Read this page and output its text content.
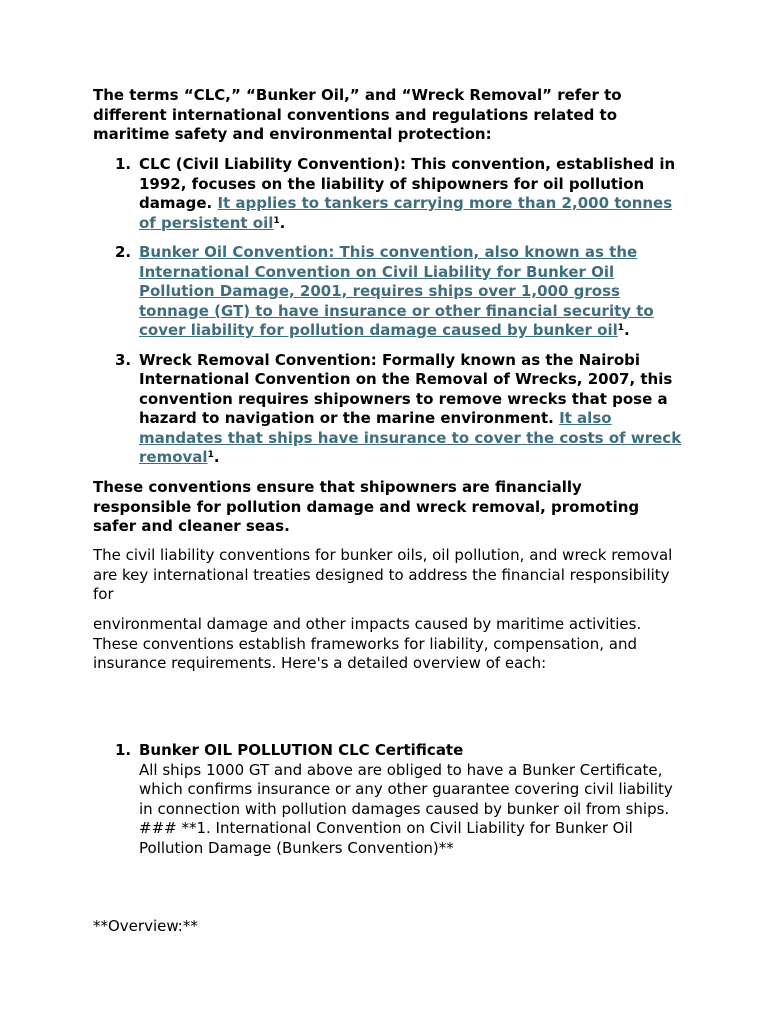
The terms “CLC,” “Bunker Oil,” and “Wreck Removal” refer to different international conventions and regulations related to maritime safety and environmental protection:

1. CLC (Civil Liability Convention): This convention, established in 1992, focuses on the liability of shipowners for oil pollution damage. It applies to tankers carrying more than 2,000 tonnes of persistent oil$^1$.
2. Bunker Oil Convention: This convention, also known as the International Convention on Civil Liability for Bunker Oil Pollution Damage, 2001, requires ships over 1,000 gross tonnage (GT) to have insurance or other financial security to cover liability for pollution damage caused by bunker oil$^1$.
3. Wreck Removal Convention: Formally known as the Nairobi International Convention on the Removal of Wrecks, 2007, this convention requires shipowners to remove wrecks that pose a hazard to navigation or the marine environment. It also mandates that ships have insurance to cover the costs of wreck removal$^1$.

These conventions ensure that shipowners are financially responsible for pollution damage and wreck removal, promoting safer and cleaner seas.

The civil liability conventions for bunker oils, oil pollution, and wreck removal are key international treaties designed to address the financial responsibility for

environmental damage and other impacts caused by maritime activities. These conventions establish frameworks for liability, compensation, and insurance requirements. Here's a detailed overview of each:

1. Bunker OIL POLLUTION CLC Certificate
All ships 1000 GT and above are obliged to have a Bunker Certificate, which confirms insurance or any other guarantee covering civil liability in connection with pollution damages caused by bunker oil from ships.
### **1. International Convention on Civil Liability for Bunker Oil Pollution Damage (Bunkers Convention)**

**Overview:**
